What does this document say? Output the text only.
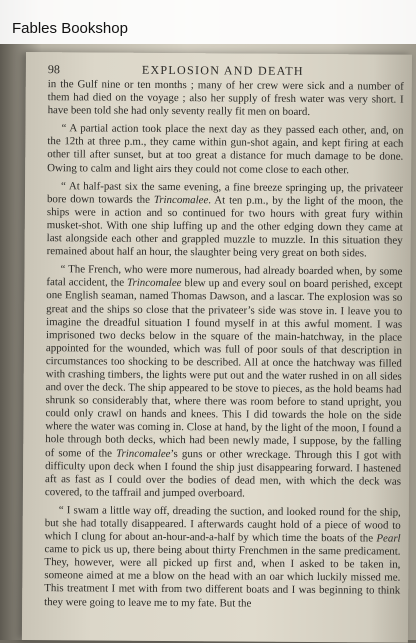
Fables Bookshop
98	EXPLOSION AND DEATH

in the Gulf nine or ten months ; many of her crew were sick and a number of them had died on the voyage ; also her supply of fresh water was very short. I have been told she had only seventy really fit men on board.

“ A partial action took place the next day as they passed each other, and, on the 12th at three p.m., they came within gun-shot again, and kept firing at each other till after sunset, but at too great a distance for much damage to be done. Owing to calm and light airs they could not come close to each other.

“ At half-past six the same evening, a fine breeze springing up, the privateer bore down towards the Trincomalee. At ten p.m., by the light of the moon, the ships were in action and so continued for two hours with great fury within musket-shot. With one ship luffing up and the other edging down they came at last alongside each other and grappled muzzle to muzzle. In this situation they remained about half an hour, the slaughter being very great on both sides.

“ The French, who were more numerous, had already boarded when, by some fatal accident, the Trincomalee blew up and every soul on board perished, except one English seaman, named Thomas Dawson, and a lascar. The explosion was so great and the ships so close that the privateer’s side was stove in. I leave you to imagine the dreadful situation I found myself in at this awful moment. I was imprisoned two decks below in the square of the main-hatchway, in the place appointed for the wounded, which was full of poor souls of that description in circumstances too shocking to be described. All at once the hatchway was filled with crashing timbers, the lights were put out and the water rushed in on all sides and over the deck. The ship appeared to be stove to pieces, as the hold beams had shrunk so considerably that, where there was room before to stand upright, you could only crawl on hands and knees. This I did towards the hole on the side where the water was coming in. Close at hand, by the light of the moon, I found a hole through both decks, which had been newly made, I suppose, by the falling of some of the Trincomalee’s guns or other wreckage. Through this I got with difficulty upon deck when I found the ship just disappearing forward. I hastened aft as fast as I could over the bodies of dead men, with which the deck was covered, to the taffrail and jumped overboard.

“ I swam a little way off, dreading the suction, and looked round for the ship, but she had totally disappeared. I afterwards caught hold of a piece of wood to which I clung for about an-hour-and-a-half by which time the boats of the Pearl came to pick us up, there being about thirty Frenchmen in the same predicament. They, however, were all picked up first and, when I asked to be taken in, someone aimed at me a blow on the head with an oar which luckily missed me. This treatment I met with from two different boats and I was beginning to think they were going to leave me to my fate. But the
